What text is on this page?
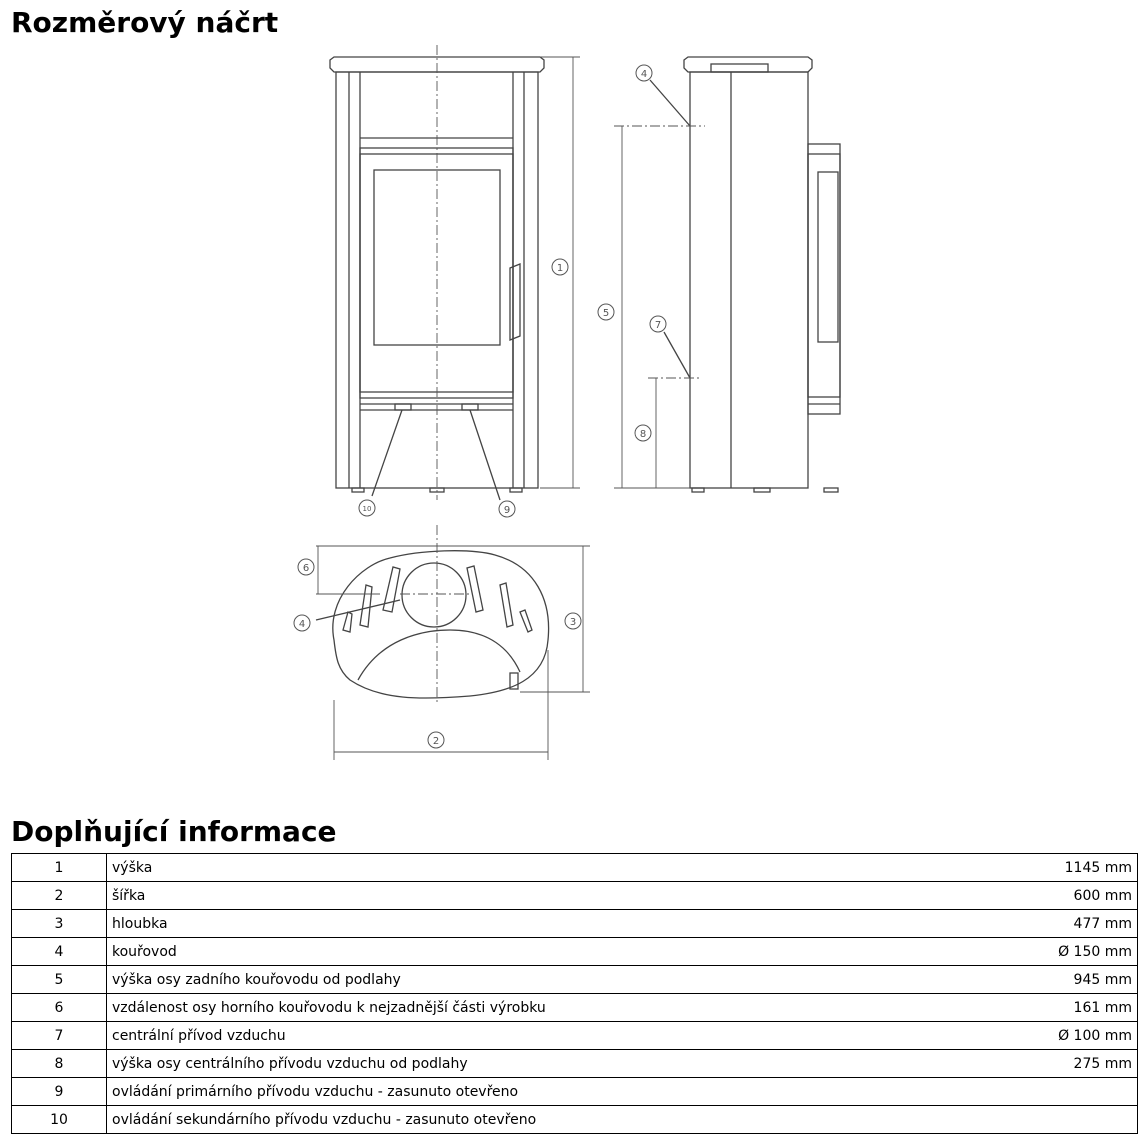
Rozměrový náčrt
1
2
3
4
4
5
6
7
8
9
10
Doplňující informace
1	výška	1145 mm
2	šířka	600 mm
3	hloubka	477 mm
4	kouřovod	Ø 150 mm
5	výška osy zadního kouřovodu od podlahy	945 mm
6	vzdálenost osy horního kouřovodu k nejzadnější části výrobku	161 mm
7	centrální přívod vzduchu	Ø 100 mm
8	výška osy centrálního přívodu vzduchu od podlahy	275 mm
9	ovládání primárního přívodu vzduchu - zasunuto otevřeno	
10	ovládání sekundárního přívodu vzduchu - zasunuto otevřeno	
